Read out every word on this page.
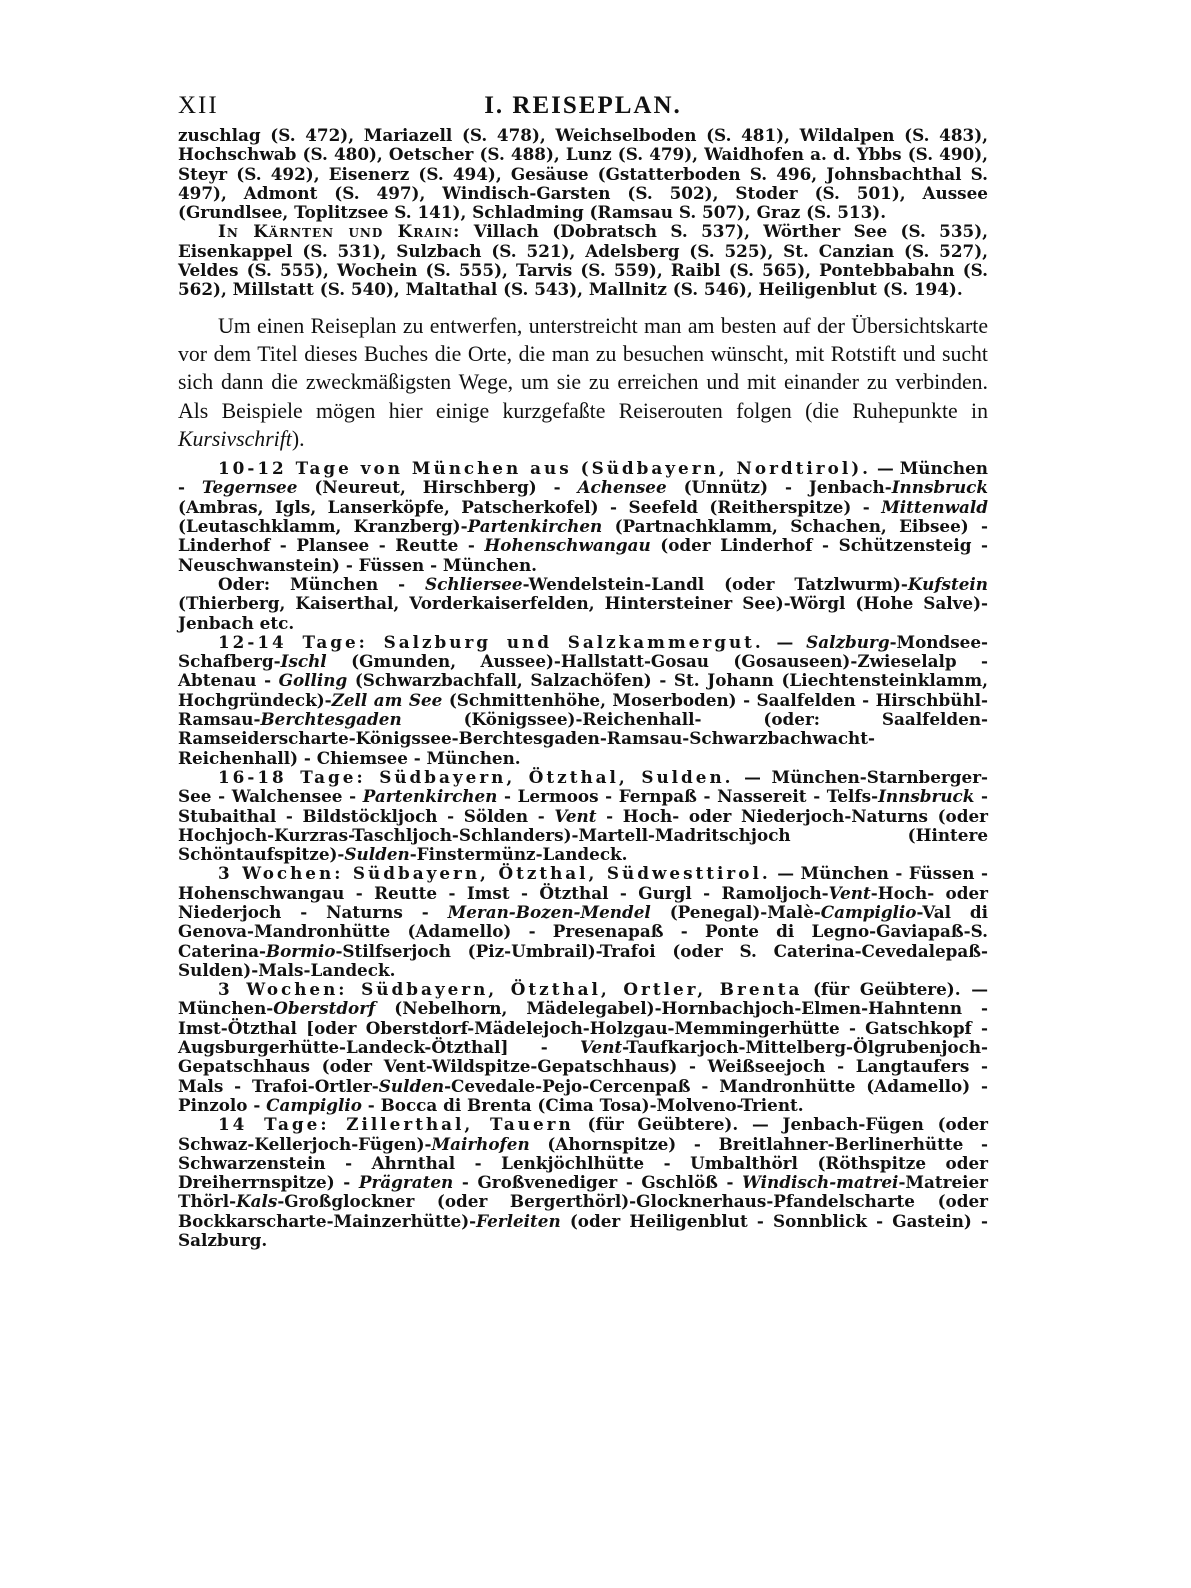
XII	I. REISEPLAN.

zuschlag (S. 472), Mariazell (S. 478), Weichselboden (S. 481), Wildalpen (S. 483), Hochschwab (S. 480), Oetscher (S. 488), Lunz (S. 479), Waidhofen a. d. Ybbs (S. 490), Steyr (S. 492), Eisenerz (S. 494), Gesäuse (Gstatterboden S. 496, Johnsbachthal S. 497), Admont (S. 497), Windisch-Garsten (S. 502), Stoder (S. 501), Aussee (Grundlsee, Toplitzsee S. 141), Schladming (Ramsau S. 507), Graz (S. 513).

In Kärnten und Krain: Villach (Dobratsch S. 537), Wörther See (S. 535), Eisenkappel (S. 531), Sulzbach (S. 521), Adelsberg (S. 525), St. Canzian (S. 527), Veldes (S. 555), Wochein (S. 555), Tarvis (S. 559), Raibl (S. 565), Pontebbabahn (S. 562), Millstatt (S. 540), Maltathal (S. 543), Mallnitz (S. 546), Heiligenblut (S. 194).

Um einen Reiseplan zu entwerfen, unterstreicht man am besten auf der Übersichtskarte vor dem Titel dieses Buches die Orte, die man zu besuchen wünscht, mit Rotstift und sucht sich dann die zweckmäßigsten Wege, um sie zu erreichen und mit einander zu verbinden. Als Beispiele mögen hier einige kurzgefaßte Reiserouten folgen (die Ruhepunkte in Kursivschrift).

10-12 Tage von München aus (Südbayern, Nordtirol). — München - Tegernsee (Neureut, Hirschberg) - Achensee (Unnütz) - Jenbach-Innsbruck (Ambras, Igls, Lanserköpfe, Patscherkofel) - Seefeld (Reitherspitze) - Mittenwald (Leutaschklamm, Kranzberg)-Partenkirchen (Partnachklamm, Schachen, Eibsee) - Linderhof - Plansee - Reutte - Hohenschwangau (oder Linderhof - Schützensteig - Neuschwanstein) - Füssen - München.

Oder: München - Schliersee-Wendelstein-Landl (oder Tatzlwurm)-Kufstein (Thierberg, Kaiserthal, Vorderkaiserfelden, Hintersteiner See)-Wörgl (Hohe Salve)-Jenbach etc.

12-14 Tage: Salzburg und Salzkammergut. — Salzburg-Mondsee-Schafberg-Ischl (Gmunden, Aussee)-Hallstatt-Gosau (Gosauseen)-Zwieselalp - Abtenau - Golling (Schwarzbachfall, Salzachöfen) - St. Johann (Liechtensteinklamm, Hochgründeck)-Zell am See (Schmittenhöhe, Moserboden) - Saalfelden - Hirschbühl-Ramsau-Berchtesgaden (Königssee)-Reichenhall- (oder: Saalfelden-Ramseiderscharte-Königssee-Berchtesgaden-Ramsau-Schwarzbachwacht-Reichenhall) - Chiemsee - München.

16-18 Tage: Südbayern, Ötzthal, Sulden. — München-Starnberger-See - Walchensee - Partenkirchen - Lermoos - Fernpaß - Nassereit - Telfs-Innsbruck - Stubaithal - Bildstöckljoch - Sölden - Vent - Hoch- oder Niederjoch-Naturns (oder Hochjoch-Kurzras-Taschljoch-Schlanders)-Martell-Madritschjoch (Hintere Schöntaufspitze)-Sulden-Finstermünz-Landeck.

3 Wochen: Südbayern, Ötzthal, Südwesttirol. — München - Füssen - Hohenschwangau - Reutte - Imst - Ötzthal - Gurgl - Ramoljoch-Vent-Hoch- oder Niederjoch - Naturns - Meran-Bozen-Mendel (Penegal)-Malè-Campiglio-Val di Genova-Mandronhütte (Adamello) - Presenapaß - Ponte di Legno-Gaviapaß-S. Caterina-Bormio-Stilfserjoch (Piz-Umbrail)-Trafoi (oder S. Caterina-Cevedalepaß-Sulden)-Mals-Landeck.

3 Wochen: Südbayern, Ötzthal, Ortler, Brenta (für Geübtere). — München-Oberstdorf (Nebelhorn, Mädelegabel)-Hornbachjoch-Elmen-Hahntenn - Imst-Ötzthal [oder Oberstdorf-Mädelejoch-Holzgau-Memmingerhütte - Gatschkopf - Augsburgerhütte-Landeck-Ötzthal] - Vent-Taufkarjoch-Mittelberg-Ölgrubenjoch-Gepatschhaus (oder Vent-Wildspitze-Gepatschhaus) - Weißseejoch - Langtaufers - Mals - Trafoi-Ortler-Sulden-Cevedale-Pejo-Cercenpaß - Mandronhütte (Adamello) - Pinzolo - Campiglio - Bocca di Brenta (Cima Tosa)-Molveno-Trient.

14 Tage: Zillerthal, Tauern (für Geübtere). — Jenbach-Fügen (oder Schwaz-Kellerjoch-Fügen)-Mairhofen (Ahornspitze) - Breitlahner-Berlinerhütte - Schwarzenstein - Ahrnthal - Lenkjöchlhütte - Umbalthörl (Röthspitze oder Dreiherrnspitze) - Prägraten - Großvenediger - Gschlöß - Windisch-matrei-Matreier Thörl-Kals-Großglockner (oder Bergerthörl)-Glocknerhaus-Pfandelscharte (oder Bockkarscharte-Mainzerhütte)-Ferleiten (oder Heiligenblut - Sonnblick - Gastein) - Salzburg.
